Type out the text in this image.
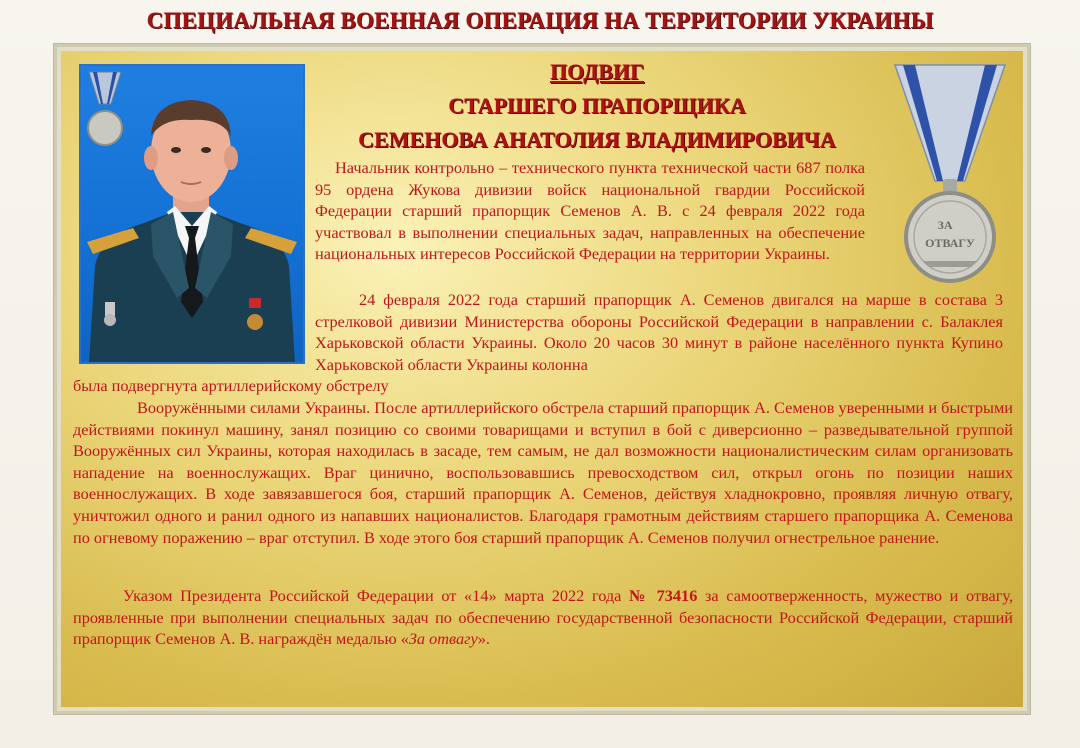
СПЕЦИАЛЬНАЯ ВОЕННАЯ ОПЕРАЦИЯ НА ТЕРРИТОРИИ УКРАИНЫ
ПОДВИГ
СТАРШЕГО ПРАПОРЩИКА
СЕМЕНОВА АНАТОЛИЯ ВЛАДИМИРОВИЧА
ЗА
ОТВАГУ

Начальник контрольно – технического пункта технической части 687 полка 95 ордена Жукова дивизии войск национальной гвардии Российской Федерации старший прапорщик Семенов А. В. с 24 февраля 2022 года участвовал в выполнении специальных задач, направленных на обеспечение национальных интересов Российской Федерации на территории Украины.

24 февраля 2022 года старший прапорщик А. Семенов двигался на марше в состава 3 стрелковой дивизии Министерства обороны Российской Федерации в направлении с. Балаклея Харьковской области Украины. Около 20 часов 30 минут в районе населённого пункта Купино Харьковской области Украины колонна

была подвергнута артиллерийскому обстрелу

Вооружёнными силами Украины. После артиллерийского обстрела старший прапорщик А. Семенов уверенными и быстрыми действиями покинул машину, занял позицию со своими товарищами и вступил в бой с диверсионно – разведывательной группой Вооружённых сил Украины, которая находилась в засаде, тем самым, не дал возможности националистическим силам организовать нападение на военнослужащих. Враг цинично, воспользовавшись превосходством сил, открыл огонь по позиции наших военнослужащих. В ходе завязавшегося боя, старший прапорщик А. Семенов, действуя хладнокровно, проявляя личную отвагу, уничтожил одного и ранил одного из напавших националистов. Благодаря грамотным действиям старшего прапорщика А. Семенова по огневому поражению – враг отступил. В ходе этого боя старший прапорщик А. Семенов получил огнестрельное ранение.

Указом Президента Российской Федерации от «14» марта 2022 года № 73416 за самоотверженность, мужество и отвагу, проявленные при выполнении специальных задач по обеспечению государственной безопасности Российской Федерации, старший прапорщик Семенов А. В. награждён медалью «За отвагу».
